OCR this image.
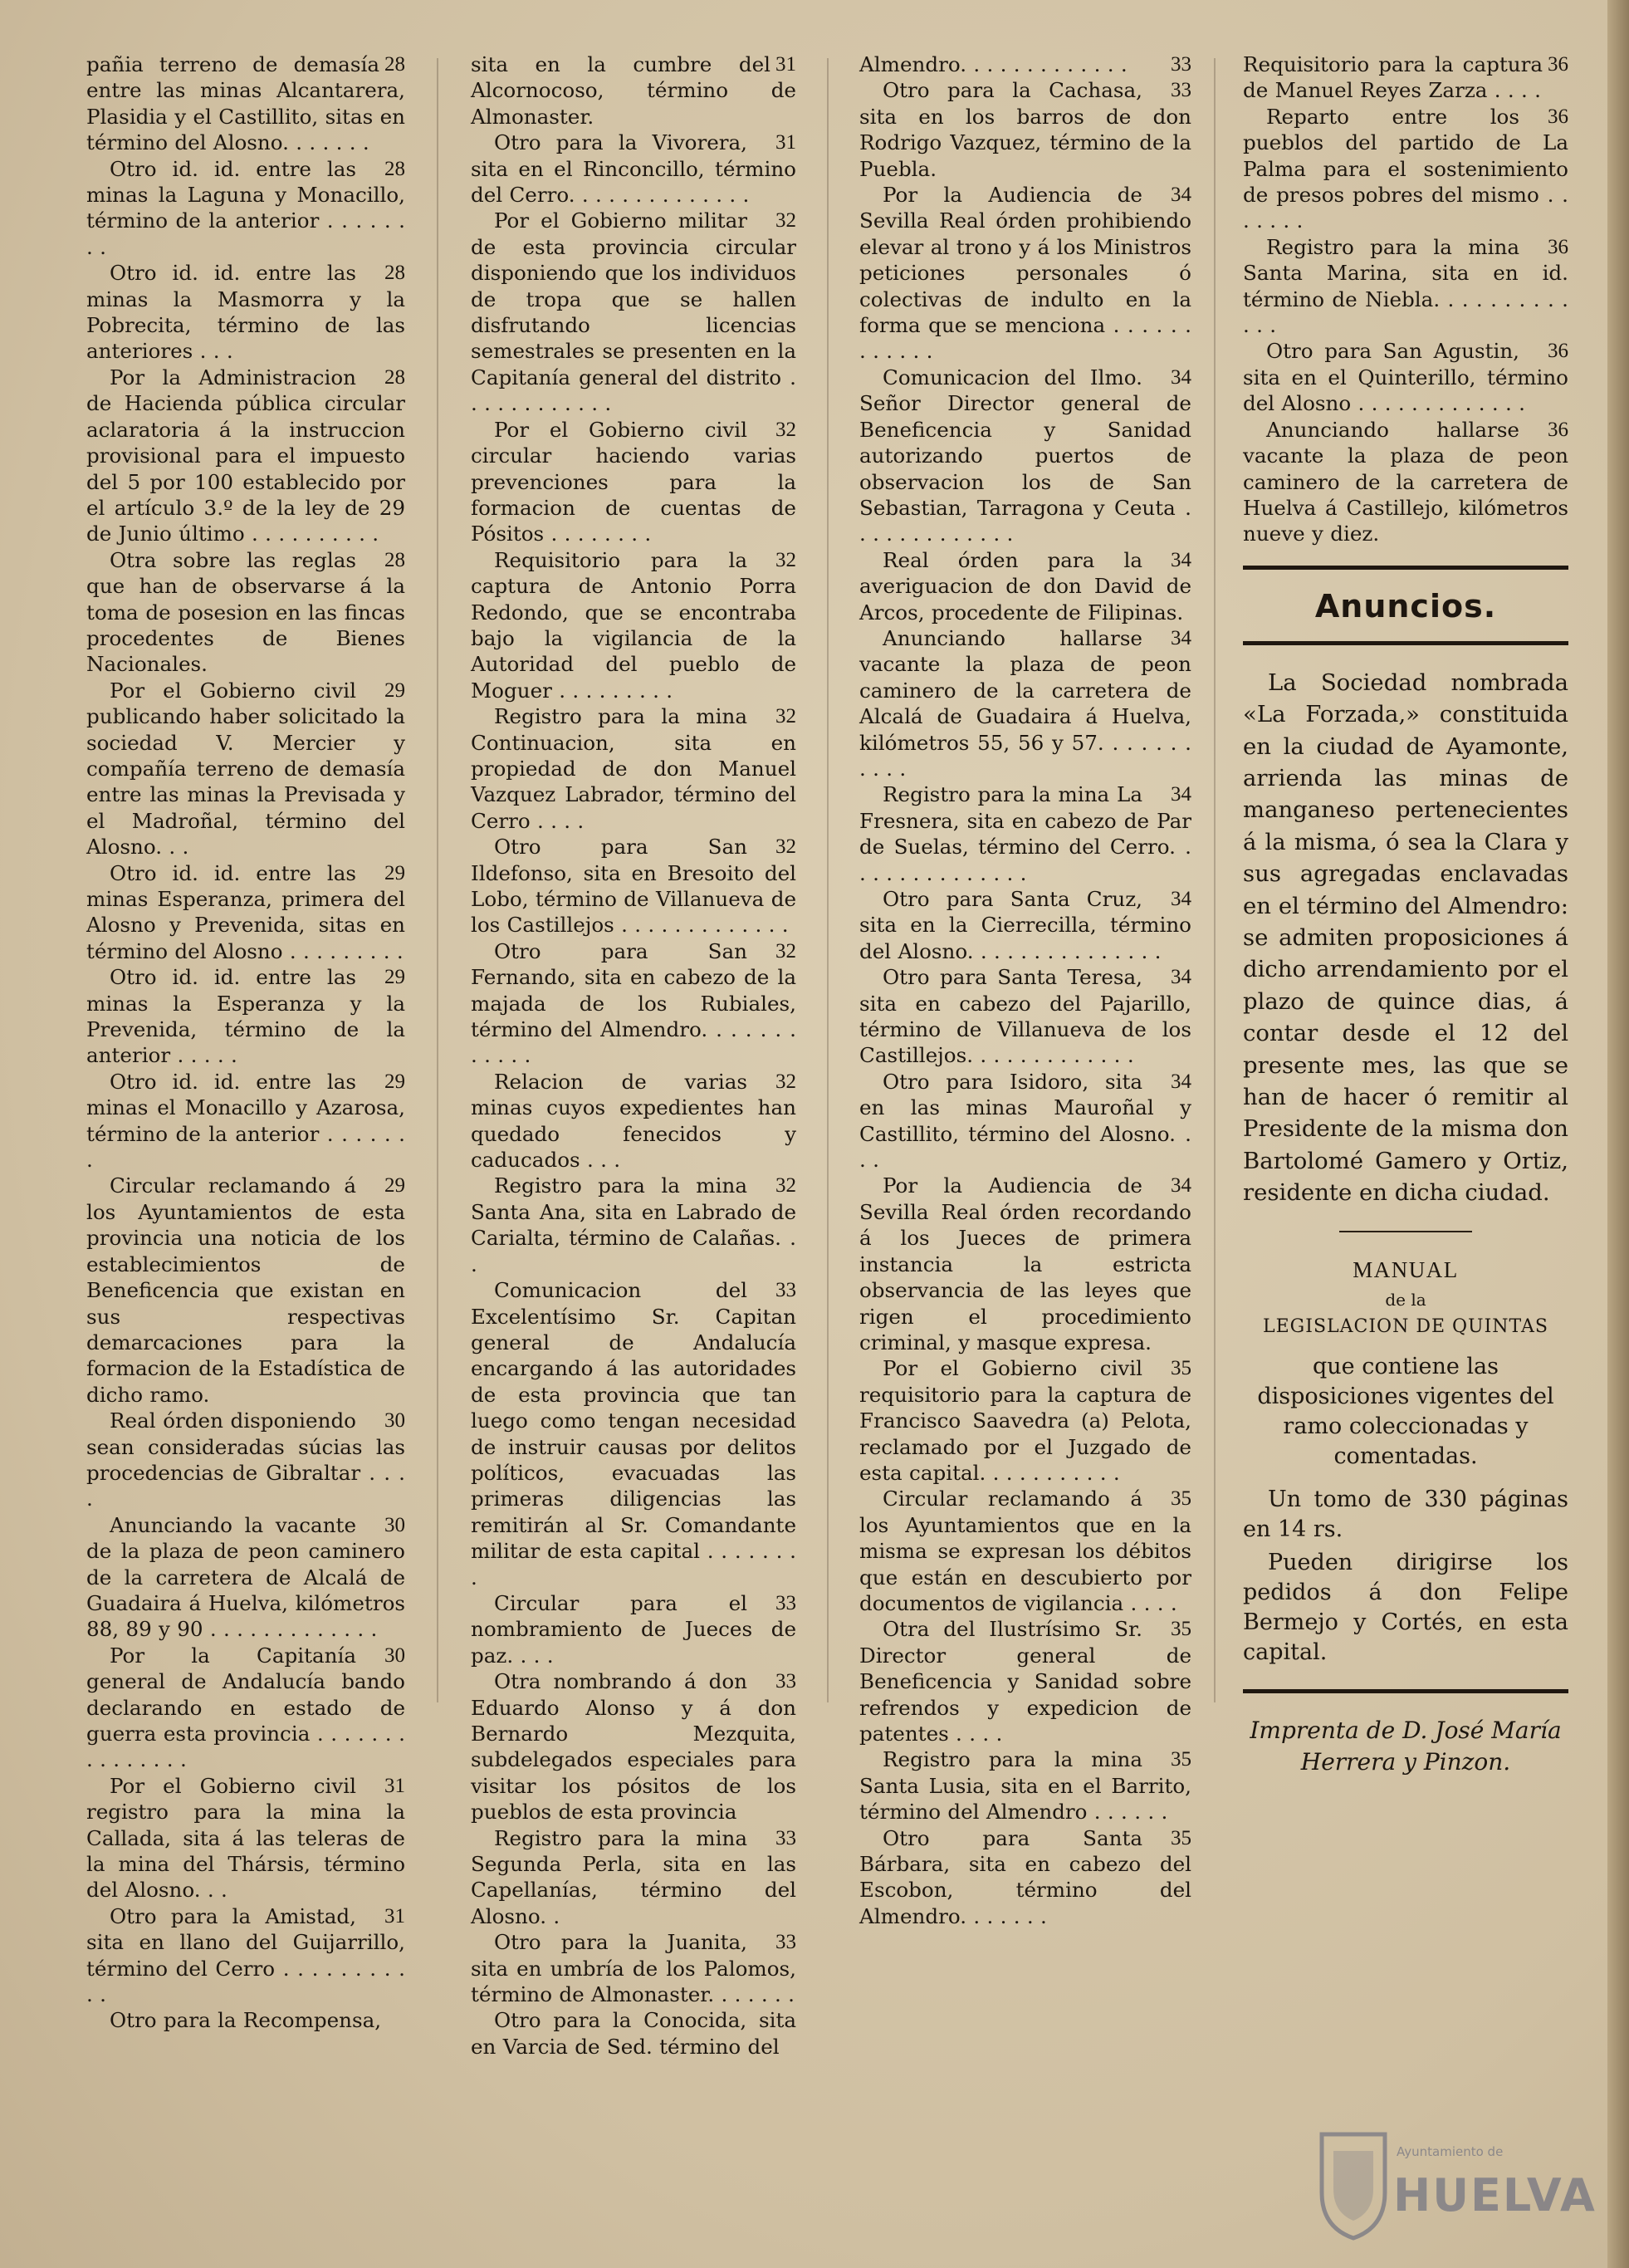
28
pañia terreno de demasía entre las minas Alcantarera, Plasidia y el Castillito, sitas en término del Alosno. . . . . . .

28
Otro id. id. entre las minas la Laguna y Monacillo, término de la anterior . . . . . . . .

28
Otro id. id. entre las minas la Masmorra y la Pobrecita, término de las anteriores . . .

28
Por la Administracion de Hacienda pública circular aclaratoria á la instruccion provisional para el impuesto del 5 por 100 establecido por el artículo 3.º de la ley de 29 de Junio último . . . . . . . . . .

28
Otra sobre las reglas que han de observarse á la toma de posesion en las fincas procedentes de Bienes Nacionales.

29
Por el Gobierno civil publicando haber solicitado la sociedad V. Mercier y compañía terreno de demasía entre las minas la Previsada y el Madroñal, término del Alosno. . .

29
Otro id. id. entre las minas Esperanza, primera del Alosno y Prevenida, sitas en término del Alosno . . . . . . . . .

29
Otro id. id. entre las minas la Esperanza y la Prevenida, término de la anterior . . . . .

29
Otro id. id. entre las minas el Monacillo y Azarosa, término de la anterior . . . . . . .

29
Circular reclamando á los Ayuntamientos de esta provincia una noticia de los establecimientos de Beneficencia que existan en sus respectivas demarcaciones para la formacion de la Estadística de dicho ramo.

30
Real órden disponiendo sean consideradas súcias las procedencias de Gibraltar . . . .

30
Anunciando la vacante de la plaza de peon caminero de la carretera de Alcalá de Guadaira á Huelva, kilómetros 88, 89 y 90 . . . . . . . . . . . . .

30
Por la Capitanía general de Andalucía bando declarando en estado de guerra esta provincia . . . . . . . . . . . . . . .

31
Por el Gobierno civil registro para la mina la Callada, sita á las teleras de la mina del Thársis, término del Alosno. . .

31
Otro para la Amistad, sita en llano del Guijarrillo, término del Cerro . . . . . . . . . . .

Otro para la Recompensa,

31
sita en la cumbre del Alcornocoso, término de Almonaster.

31
Otro para la Vivorera, sita en el Rinconcillo, término del Cerro. . . . . . . . . . . . . .

32
Por el Gobierno militar de esta provincia circular disponiendo que los individuos de tropa que se hallen disfrutando licencias semestrales se presenten en la Capitanía general del distrito . . . . . . . . . . . .

32
Por el Gobierno civil circular haciendo varias prevenciones para la formacion de cuentas de Pósitos . . . . . . . .

32
Requisitorio para la captura de Antonio Porra Redondo, que se encontraba bajo la vigilancia de la Autoridad del pueblo de Moguer . . . . . . . . .

32
Registro para la mina Continuacion, sita en propiedad de don Manuel Vazquez Labrador, término del Cerro . . . .

32
Otro para San Ildefonso, sita en Bresoito del Lobo, término de Villanueva de los Castillejos . . . . . . . . . . . . .

32
Otro para San Fernando, sita en cabezo de la majada de los Rubiales, término del Almendro. . . . . . . . . . . .

32
Relacion de varias minas cuyos expedientes han quedado fenecidos y caducados . . .

32
Registro para la mina Santa Ana, sita en Labrado de Carialta, término de Calañas. . .

33
Comunicacion del Excelentísimo Sr. Capitan general de Andalucía encargando á las autoridades de esta provincia que tan luego como tengan necesidad de instruir causas por delitos políticos, evacuadas las primeras diligencias las remitirán al Sr. Comandante militar de esta capital . . . . . . . .

33
Circular para el nombramiento de Jueces de paz. . . .

33
Otra nombrando á don Eduardo Alonso y á don Bernardo Mezquita, subdelegados especiales para visitar los pósitos de los pueblos de esta provincia

33
Registro para la mina Segunda Perla, sita en las Capellanías, término del Alosno. .

33
Otro para la Juanita, sita en umbría de los Palomos, término de Almonaster. . . . . . .

Otro para la Conocida, sita en Varcia de Sed. término del

33
Almendro. . . . . . . . . . . . .

33
Otro para la Cachasa, sita en los barros de don Rodrigo Vazquez, término de la Puebla.

34
Por la Audiencia de Sevilla Real órden prohibiendo elevar al trono y á los Ministros peticiones personales ó colectivas de indulto en la forma que se menciona . . . . . . . . . . . .

34
Comunicacion del Ilmo. Señor Director general de Beneficencia y Sanidad autorizando puertos de observacion los de San Sebastian, Tarragona y Ceuta . . . . . . . . . . . . .

34
Real órden para la averiguacion de don David de Arcos, procedente de Filipinas.

34
Anunciando hallarse vacante la plaza de peon caminero de la carretera de Alcalá de Guadaira á Huelva, kilómetros 55, 56 y 57. . . . . . . . . . .

34
Registro para la mina La Fresnera, sita en cabezo de Par de Suelas, término del Cerro. . . . . . . . . . . . . . .

34
Otro para Santa Cruz, sita en la Cierrecilla, término del Alosno. . . . . . . . . . . . . . .

34
Otro para Santa Teresa, sita en cabezo del Pajarillo, término de Villanueva de los Castillejos. . . . . . . . . . . . .

34
Otro para Isidoro, sita en las minas Mauroñal y Castillito, término del Alosno. . . .

34
Por la Audiencia de Sevilla Real órden recordando á los Jueces de primera instancia la estricta observancia de las leyes que rigen el procedimiento criminal, y masque expresa.

35
Por el Gobierno civil requisitorio para la captura de Francisco Saavedra (a) Pelota, reclamado por el Juzgado de esta capital. . . . . . . . . . .

35
Circular reclamando á los Ayuntamientos que en la misma se expresan los débitos que están en descubierto por documentos de vigilancia . . . .

35
Otra del Ilustrísimo Sr. Director general de Beneficencia y Sanidad sobre refrendos y expedicion de patentes . . . .

35
Registro para la mina Santa Lusia, sita en el Barrito, término del Almendro . . . . . .

35
Otro para Santa Bárbara, sita en cabezo del Escobon, término del Almendro. . . . . . .

36
Requisitorio para la captura de Manuel Reyes Zarza . . . .

36
Reparto entre los pueblos del partido de La Palma para el sostenimiento de presos pobres del mismo . . . . . . .

36
Registro para la mina Santa Marina, sita en id. término de Niebla. . . . . . . . . . . . .

36
Otro para San Agustin, sita en el Quinterillo, término del Alosno . . . . . . . . . . . . .

36
Anunciando hallarse vacante la plaza de peon caminero de la carretera de Huelva á Castillejo, kilómetros nueve y diez.

Anuncios.

La Sociedad nombrada «La Forzada,» constituida en la ciudad de Ayamonte, arrienda las minas de manganeso pertenecientes á la misma, ó sea la Clara y sus agregadas enclavadas en el término del Almendro: se admiten proposiciones á dicho arrendamiento por el plazo de quince dias, á contar desde el 12 del presente mes, las que se han de hacer ó remitir al Presidente de la misma don Bartolomé Gamero y Ortiz, residente en dicha ciudad.

MANUAL
de la
LEGISLACION DE QUINTAS

que contiene las disposiciones vigentes del ramo coleccionadas y comentadas.

Un tomo de 330 páginas en 14 rs.

Pueden dirigirse los pedidos á don Felipe Bermejo y Cortés, en esta capital.

Imprenta de D. José María Herrera y Pinzon.

Ayuntamiento de
HUELVA
